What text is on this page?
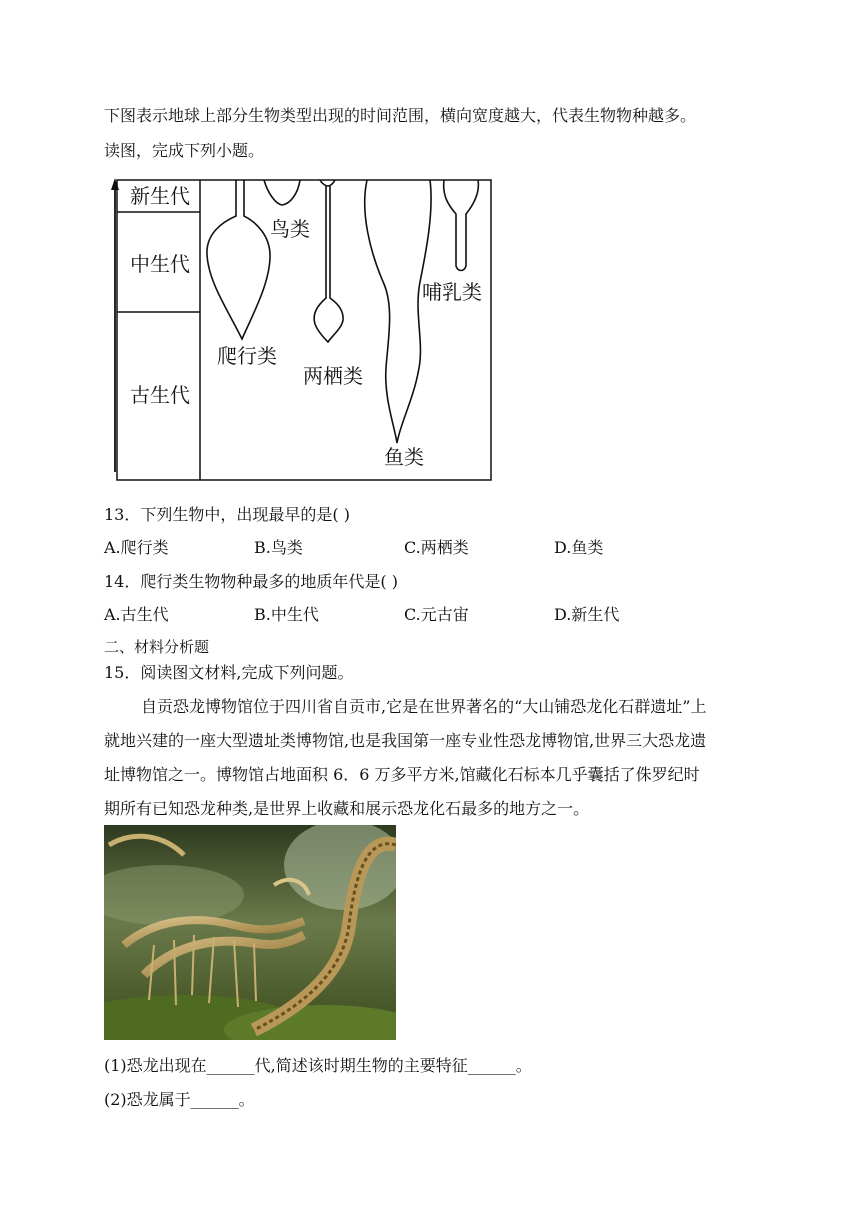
下图表示地球上部分生物类型出现的时间范围，横向宽度越大，代表生物物种越多。
读图，完成下列小题。
新生代
中生代
古生代
鸟类
哺乳类
爬行类
两栖类
鱼类
13．下列生物中，出现最早的是( )
A.爬行类	B.鸟类	C.两栖类	D.鱼类
14．爬行类生物物种最多的地质年代是( )
A.古生代	B.中生代	C.元古宙	D.新生代
二、材料分析题
15．阅读图文材料,完成下列问题。
自贡恐龙博物馆位于四川省自贡市,它是在世界著名的“大山铺恐龙化石群遗址”上
就地兴建的一座大型遗址类博物馆,也是我国第一座专业性恐龙博物馆,世界三大恐龙遗
址博物馆之一。博物馆占地面积 6．6 万多平方米,馆藏化石标本几乎囊括了侏罗纪时
期所有已知恐龙种类,是世界上收藏和展示恐龙化石最多的地方之一。
(1)恐龙出现在______代,简述该时期生物的主要特征______。
(2)恐龙属于______。
